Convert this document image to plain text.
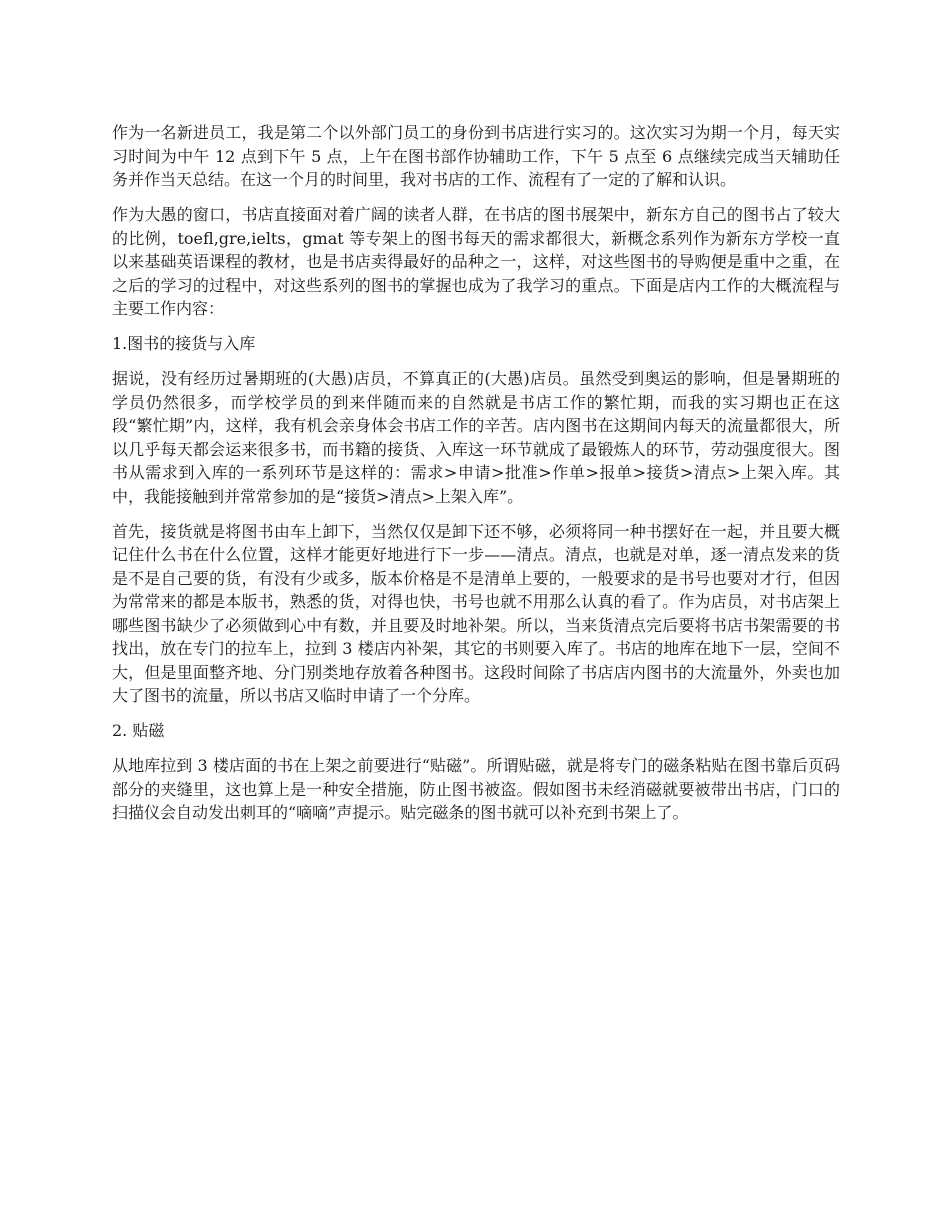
作为一名新进员工，我是第二个以外部门员工的身份到书店进行实习的。这次实习为期一个月，每天实习时间为中午 12 点到下午 5 点，上午在图书部作协辅助工作，下午 5 点至 6 点继续完成当天辅助任务并作当天总结。在这一个月的时间里，我对书店的工作、流程有了一定的了解和认识。

作为大愚的窗口，书店直接面对着广阔的读者人群，在书店的图书展架中，新东方自己的图书占了较大的比例，toefl,gre,ielts，gmat 等专架上的图书每天的需求都很大，新概念系列作为新东方学校一直以来基础英语课程的教材，也是书店卖得最好的品种之一，这样，对这些图书的导购便是重中之重，在之后的学习的过程中，对这些系列的图书的掌握也成为了我学习的重点。下面是店内工作的大概流程与主要工作内容：

1.图书的接货与入库

据说，没有经历过暑期班的(大愚)店员，不算真正的(大愚)店员。虽然受到奥运的影响，但是暑期班的学员仍然很多，而学校学员的到来伴随而来的自然就是书店工作的繁忙期，而我的实习期也正在这段“繁忙期”内，这样，我有机会亲身体会书店工作的辛苦。店内图书在这期间内每天的流量都很大，所以几乎每天都会运来很多书，而书籍的接货、入库这一环节就成了最锻炼人的环节，劳动强度很大。图书从需求到入库的一系列环节是这样的：需求>申请>批准>作单>报单>接货>清点>上架入库。其中，我能接触到并常常参加的是“接货>清点>上架入库”。

首先，接货就是将图书由车上卸下，当然仅仅是卸下还不够，必须将同一种书摆好在一起，并且要大概记住什么书在什么位置，这样才能更好地进行下一步——清点。清点，也就是对单，逐一清点发来的货是不是自己要的货，有没有少或多，版本价格是不是清单上要的，一般要求的是书号也要对才行，但因为常常来的都是本版书，熟悉的货，对得也快，书号也就不用那么认真的看了。作为店员，对书店架上哪些图书缺少了必须做到心中有数，并且要及时地补架。所以，当来货清点完后要将书店书架需要的书找出，放在专门的拉车上，拉到 3 楼店内补架，其它的书则要入库了。书店的地库在地下一层，空间不大，但是里面整齐地、分门别类地存放着各种图书。这段时间除了书店店内图书的大流量外，外卖也加大了图书的流量，所以书店又临时申请了一个分库。

2. 贴磁

从地库拉到 3 楼店面的书在上架之前要进行“贴磁”。所谓贴磁，就是将专门的磁条粘贴在图书靠后页码部分的夹缝里，这也算上是一种安全措施，防止图书被盗。假如图书未经消磁就要被带出书店，门口的扫描仪会自动发出刺耳的“嘀嘀”声提示。贴完磁条的图书就可以补充到书架上了。
